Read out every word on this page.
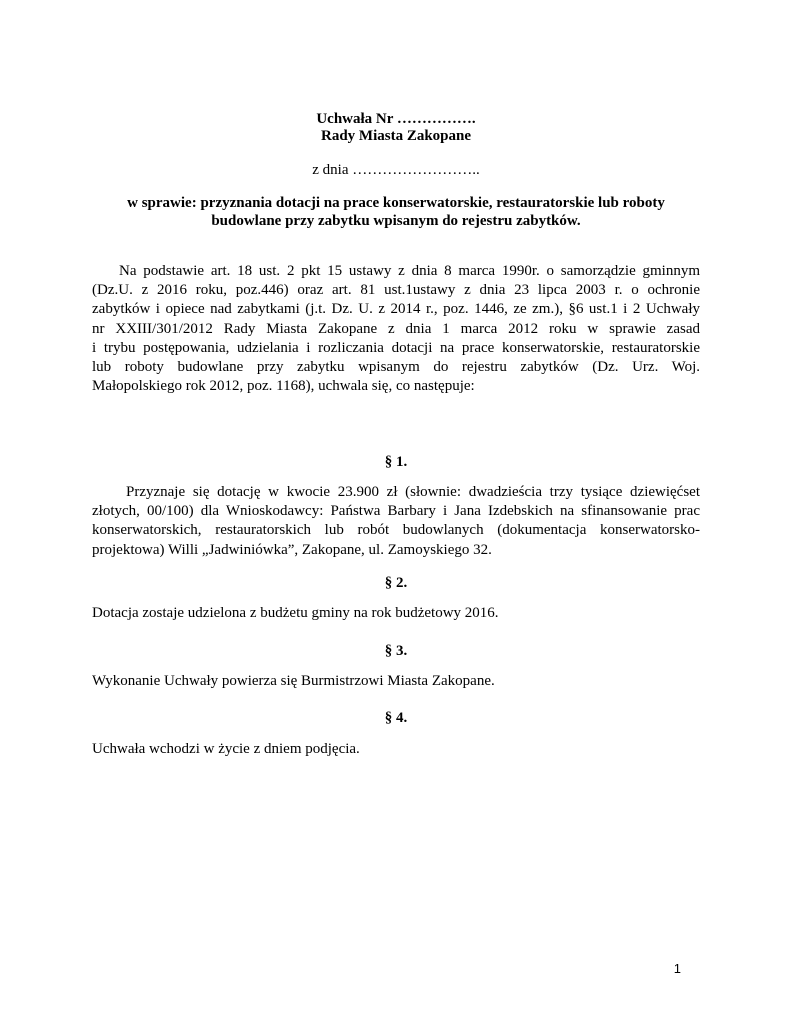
Uchwała Nr …………….
Rady Miasta Zakopane
z dnia ……………………..
w sprawie: przyznania dotacji na prace konserwatorskie, restauratorskie lub roboty
budowlane przy zabytku wpisanym do rejestru zabytków.
Na podstawie art. 18 ust. 2 pkt 15 ustawy z dnia 8 marca 1990r. o samorządzie gminnym
(Dz.U. z 2016 roku, poz.446) oraz art. 81 ust.1ustawy z dnia 23 lipca 2003 r. o ochronie
zabytków i opiece nad zabytkami (j.t. Dz. U. z 2014 r., poz. 1446, ze zm.), §6 ust.1 i 2 Uchwały
nr XXIII/301/2012 Rady Miasta Zakopane z dnia 1 marca 2012 roku w sprawie zasad
i trybu postępowania, udzielania i rozliczania dotacji na prace konserwatorskie, restauratorskie
lub roboty budowlane przy zabytku wpisanym do rejestru zabytków (Dz. Urz. Woj.
Małopolskiego rok 2012, poz. 1168), uchwala się, co następuje:
§ 1.
Przyznaje się dotację w kwocie 23.900 zł (słownie: dwadzieścia trzy tysiące dziewięćset
złotych, 00/100) dla Wnioskodawcy: Państwa Barbary i Jana Izdebskich na sfinansowanie prac
konserwatorskich, restauratorskich lub robót budowlanych (dokumentacja konserwatorsko-
projektowa) Willi „Jadwiniówka”, Zakopane, ul. Zamoyskiego 32.
§ 2.
Dotacja zostaje udzielona z budżetu gminy na rok budżetowy 2016.
§ 3.
Wykonanie Uchwały powierza się Burmistrzowi Miasta Zakopane.
§ 4.
Uchwała wchodzi w życie z dniem podjęcia.
1
